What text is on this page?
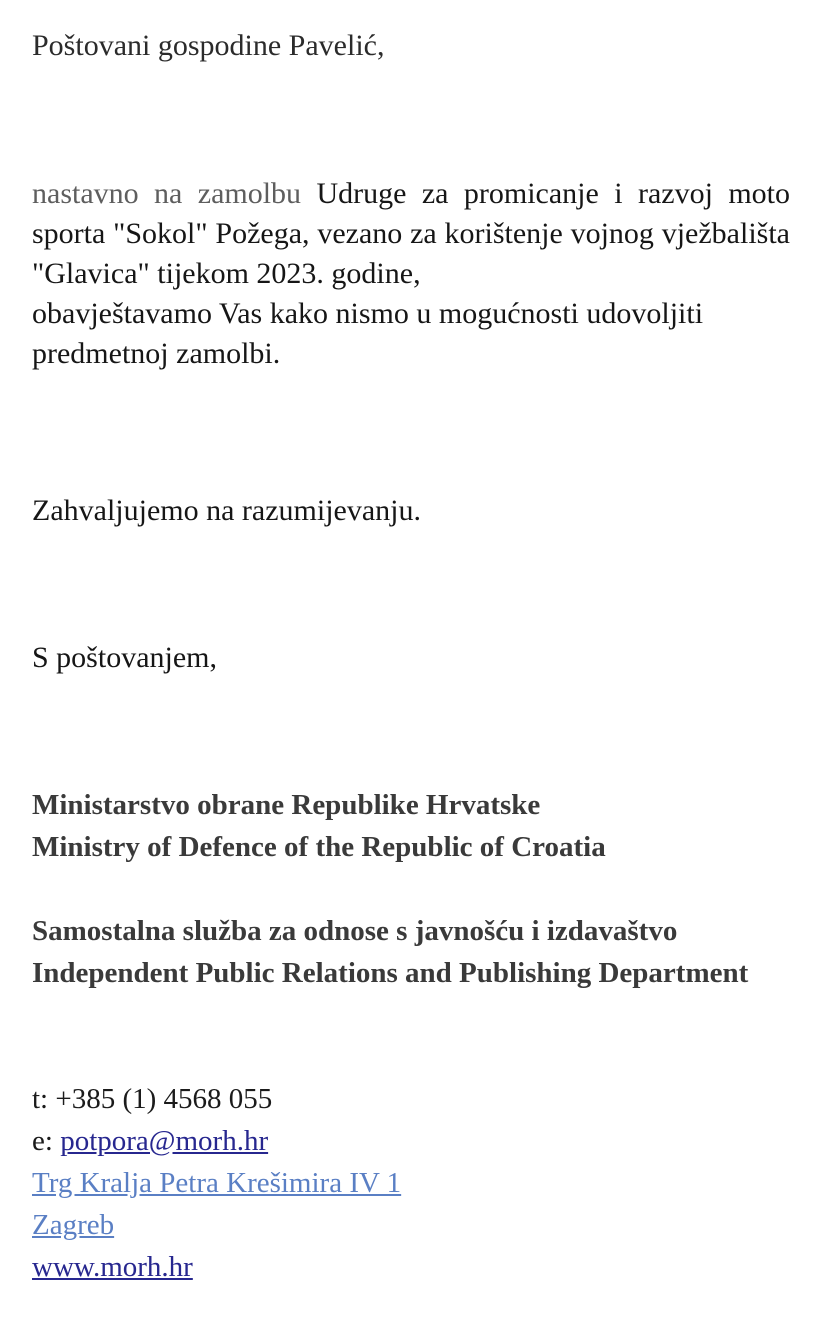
Poštovani gospodine Pavelić,
nastavno na zamolbu Udruge za promicanje i razvoj moto sporta "Sokol" Požega, vezano za korištenje vojnog vježbališta "Glavica" tijekom 2023. godine,
obavještavamo Vas kako nismo u mogućnosti udovoljiti predmetnoj zamolbi.
Zahvaljujemo na razumijevanju.
S poštovanjem,
Ministarstvo obrane Republike Hrvatske
Ministry of Defence of the Republic of Croatia
Samostalna služba za odnose s javnošću i izdavaštvo
Independent Public Relations and Publishing Department
t: +385 (1) 4568 055
e: potpora@morh.hr
Trg Kralja Petra Krešimira IV 1
Zagreb
www.morh.hr
